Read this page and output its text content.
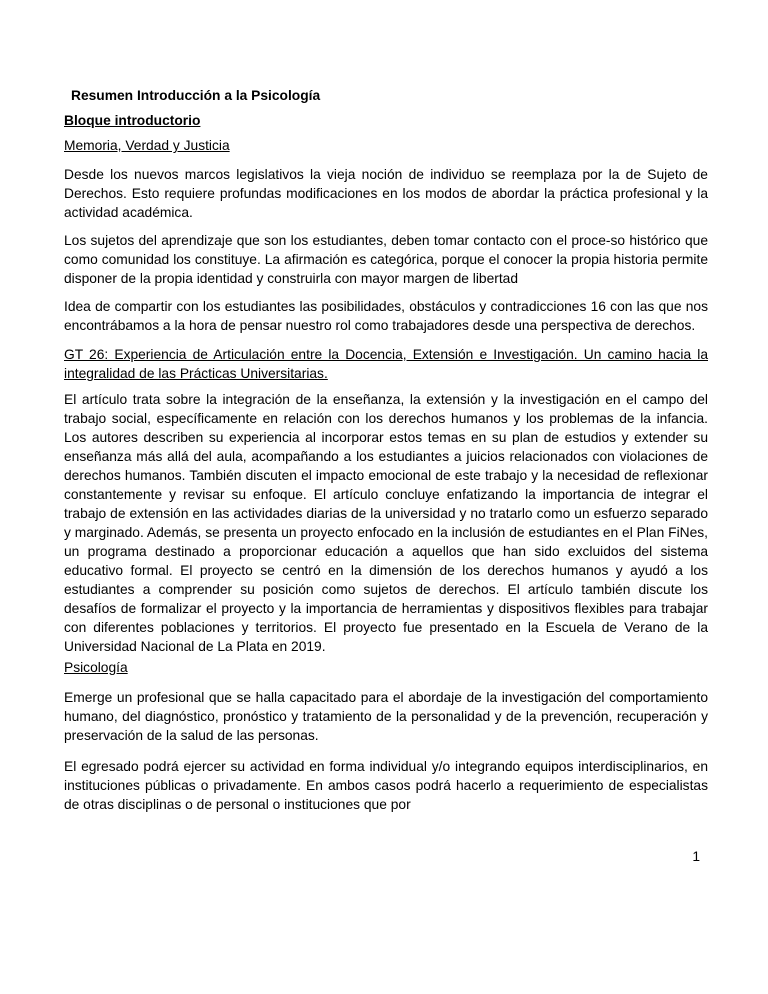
Resumen Introducción a la Psicología

Bloque introductorio

Memoria, Verdad y Justicia

Desde los nuevos marcos legislativos la vieja noción de individuo se reemplaza por la de Sujeto de Derechos. Esto requiere profundas modificaciones en los modos de abordar la práctica profesional y la actividad académica.

Los sujetos del aprendizaje que son los estudiantes, deben tomar contacto con el proce-so histórico que como comunidad los constituye. La afirmación es categórica, porque el conocer la propia historia permite disponer de la propia identidad y construirla con mayor margen de libertad

Idea de compartir con los estudiantes las posibilidades, obstáculos y contradicciones 16 con las que nos encontrábamos a la hora de pensar nuestro rol como trabajadores desde una perspectiva de derechos.

GT 26: Experiencia de Articulación entre la Docencia, Extensión e Investigación. Un camino hacia la integralidad de las Prácticas Universitarias.

El artículo trata sobre la integración de la enseñanza, la extensión y la investigación en el campo del trabajo social, específicamente en relación con los derechos humanos y los problemas de la infancia. Los autores describen su experiencia al incorporar estos temas en su plan de estudios y extender su enseñanza más allá del aula, acompañando a los estudiantes a juicios relacionados con violaciones de derechos humanos. También discuten el impacto emocional de este trabajo y la necesidad de reflexionar constantemente y revisar su enfoque. El artículo concluye enfatizando la importancia de integrar el trabajo de extensión en las actividades diarias de la universidad y no tratarlo como un esfuerzo separado y marginado. Además, se presenta un proyecto enfocado en la inclusión de estudiantes en el Plan FiNes, un programa destinado a proporcionar educación a aquellos que han sido excluidos del sistema educativo formal. El proyecto se centró en la dimensión de los derechos humanos y ayudó a los estudiantes a comprender su posición como sujetos de derechos. El artículo también discute los desafíos de formalizar el proyecto y la importancia de herramientas y dispositivos flexibles para trabajar con diferentes poblaciones y territorios. El proyecto fue presentado en la Escuela de Verano de la Universidad Nacional de La Plata en 2019.

Psicología

Emerge un profesional que se halla capacitado para el abordaje de la investigación del comportamiento humano, del diagnóstico, pronóstico y tratamiento de la personalidad y de la prevención, recuperación y preservación de la salud de las personas.

El egresado podrá ejercer su actividad en forma individual y/o integrando equipos interdisciplinarios, en instituciones públicas o privadamente. En ambos casos podrá hacerlo a requerimiento de especialistas de otras disciplinas o de personal o instituciones que por

1
